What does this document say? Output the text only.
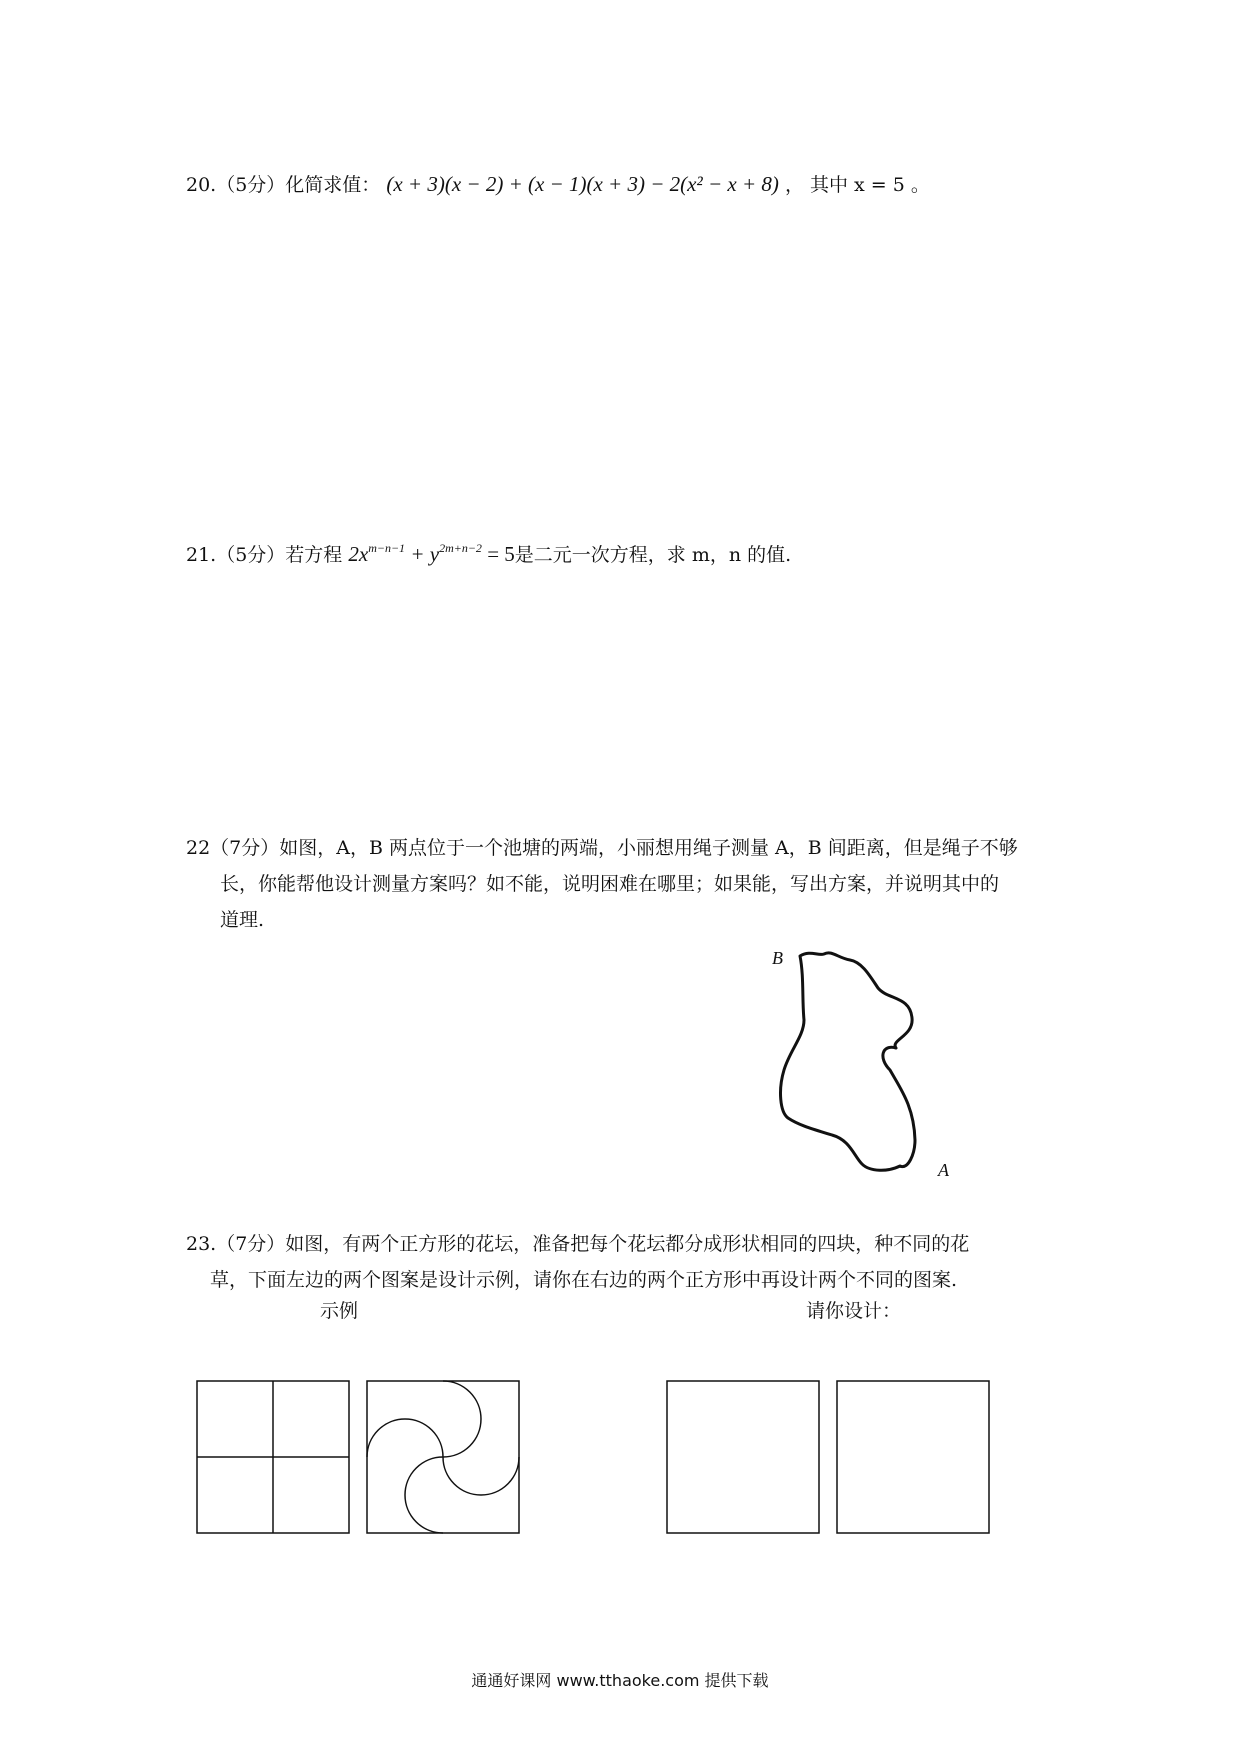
20.（5分）化简求值： (x + 3)(x − 2) + (x − 1)(x + 3) − 2(x² − x + 8) ， 其中 x = 5 。
21.（5分）若方程 $2x^{m-n-1} + y^{2m+n-2} = 5$是二元一次方程，求 m，n 的值.
22（7分）如图，A，B 两点位于一个池塘的两端，小丽想用绳子测量 A，B 间距离，但是绳子不够
长，你能帮他设计测量方案吗？如不能，说明困难在哪里；如果能，写出方案，并说明其中的
道理.
B
A
23.（7分）如图，有两个正方形的花坛，准备把每个花坛都分成形状相同的四块，种不同的花
草，下面左边的两个图案是设计示例，请你在右边的两个正方形中再设计两个不同的图案.
示例	请你设计：
通通好课网 www.tthaoke.com 提供下载
